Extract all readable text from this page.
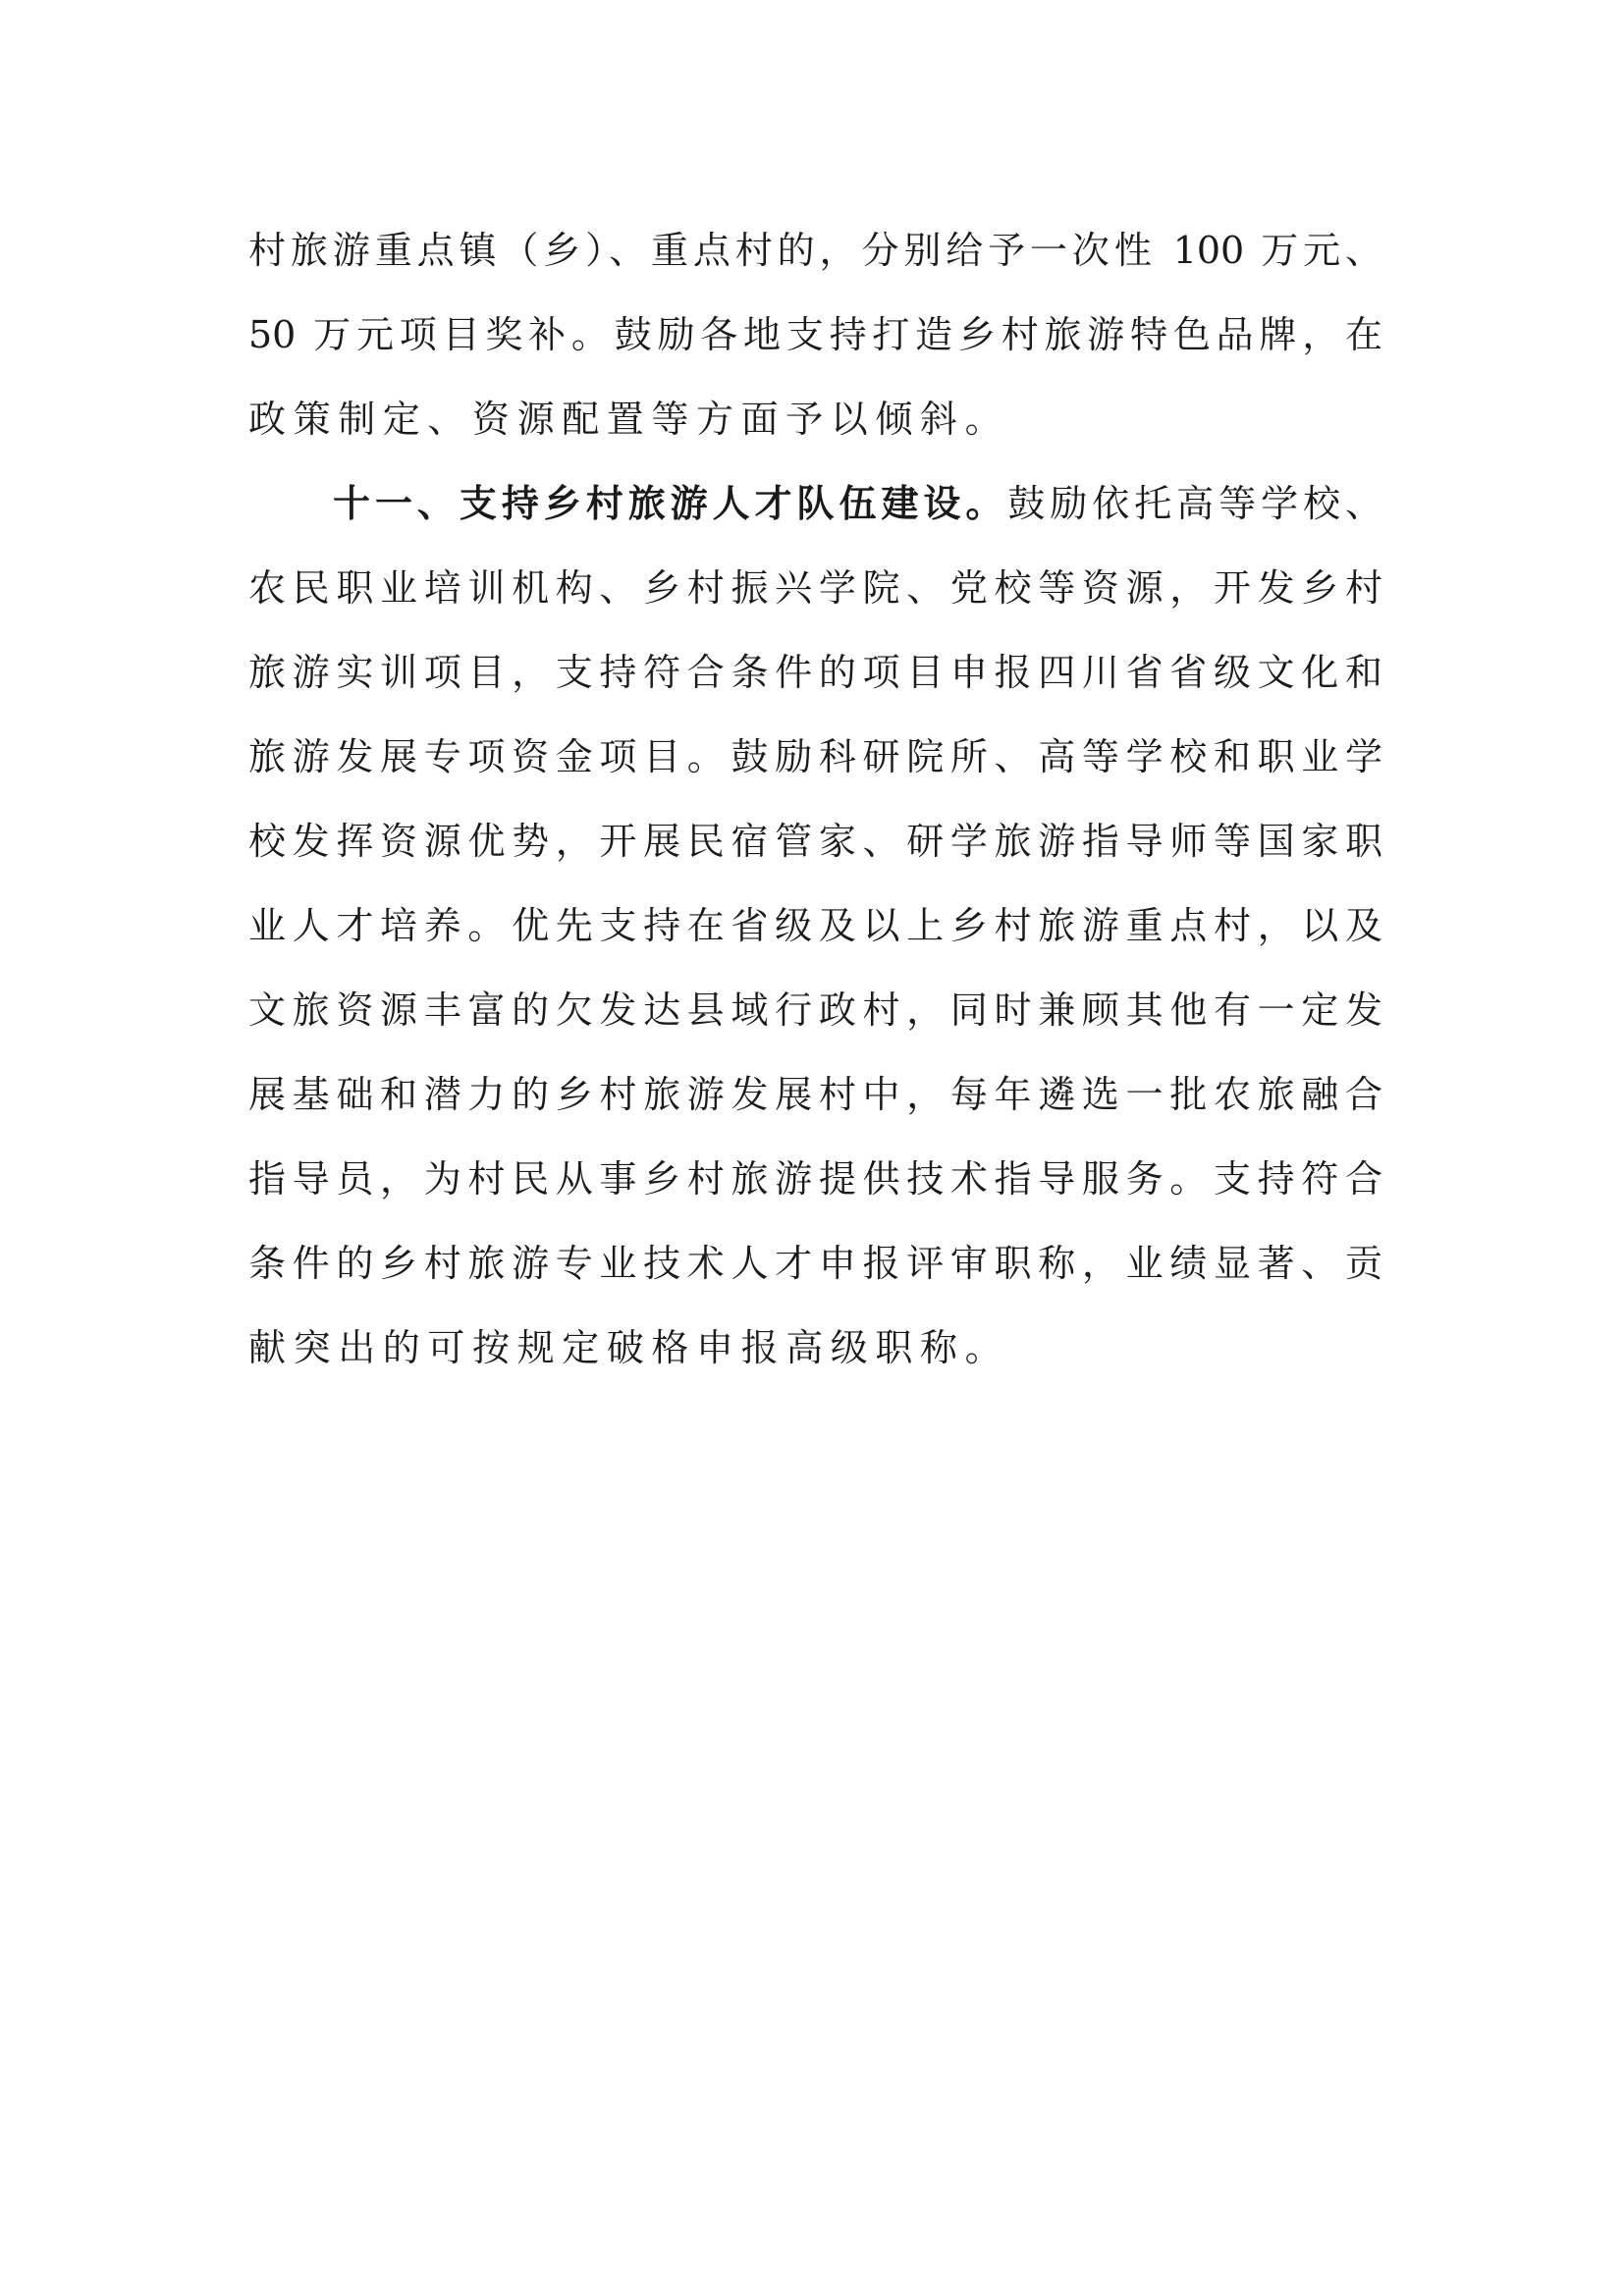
村旅游重点镇（乡）、重点村的，分别给予一次性 100 万元、
50 万元项目奖补。鼓励各地支持打造乡村旅游特色品牌，在
政策制定、资源配置等方面予以倾斜。
十一、支持乡村旅游人才队伍建设。鼓励依托高等学校、
农民职业培训机构、乡村振兴学院、党校等资源，开发乡村
旅游实训项目，支持符合条件的项目申报四川省省级文化和
旅游发展专项资金项目。鼓励科研院所、高等学校和职业学
校发挥资源优势，开展民宿管家、研学旅游指导师等国家职
业人才培养。优先支持在省级及以上乡村旅游重点村，以及
文旅资源丰富的欠发达县域行政村，同时兼顾其他有一定发
展基础和潜力的乡村旅游发展村中，每年遴选一批农旅融合
指导员，为村民从事乡村旅游提供技术指导服务。支持符合
条件的乡村旅游专业技术人才申报评审职称，业绩显著、贡
献突出的可按规定破格申报高级职称。
